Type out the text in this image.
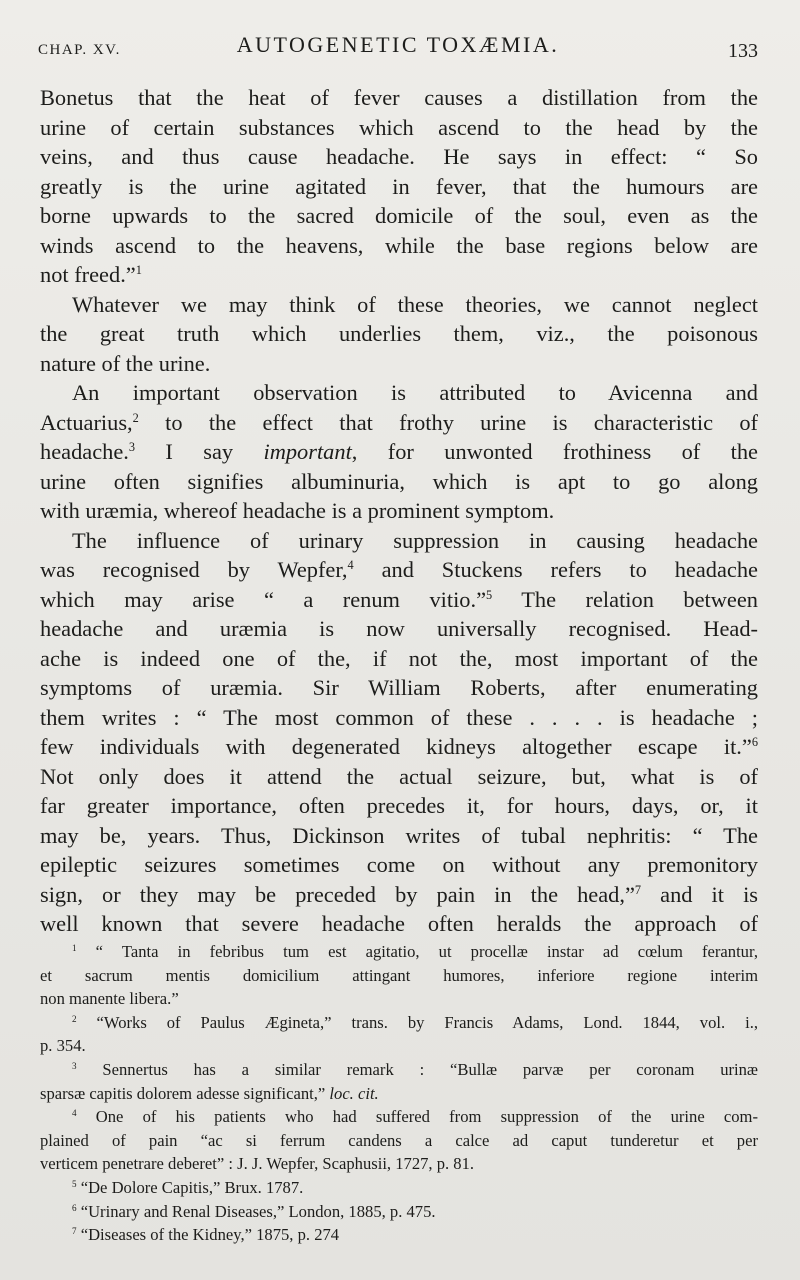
CHAP. XV.	AUTOGENETIC TOXÆMIA.	133
Bonetus that the heat of fever causes a distillation from the
urine of certain substances which ascend to the head by the
veins, and thus cause headache. He says in effect: “ So
greatly is the urine agitated in fever, that the humours are
borne upwards to the sacred domicile of the soul, even as the
winds ascend to the heavens, while the base regions below are
not freed.”$^1$
Whatever we may think of these theories, we cannot neglect
the great truth which underlies them, viz., the poisonous
nature of the urine.
An important observation is attributed to Avicenna and
Actuarius,$^2$ to the effect that frothy urine is characteristic of
headache.$^3$ I say important, for unwonted frothiness of the
urine often signifies albuminuria, which is apt to go along
with uræmia, whereof headache is a prominent symptom.
The influence of urinary suppression in causing headache
was recognised by Wepfer,$^4$ and Stuckens refers to headache
which may arise “ a renum vitio.”$^5$ The relation between
headache and uræmia is now universally recognised. Head-
ache is indeed one of the, if not the, most important of the
symptoms of uræmia. Sir William Roberts, after enumerating
them writes : “ The most common of these . . . . is headache ;
few individuals with degenerated kidneys altogether escape it.”$^6$
Not only does it attend the actual seizure, but, what is of
far greater importance, often precedes it, for hours, days, or, it
may be, years. Thus, Dickinson writes of tubal nephritis: “ The
epileptic seizures sometimes come on without any premonitory
sign, or they may be preceded by pain in the head,”$^7$ and it is
well known that severe headache often heralds the approach of
$^1$ “ Tanta in febribus tum est agitatio, ut procellæ instar ad cœlum ferantur,
et sacrum mentis domicilium attingant humores, inferiore regione interim
non manente libera.”
$^2$ “Works of Paulus Ægineta,” trans. by Francis Adams, Lond. 1844, vol. i.,
p. 354.
$^3$ Sennertus has a similar remark : “Bullæ parvæ per coronam urinæ
sparsæ capitis dolorem adesse significant,” loc. cit.
$^4$ One of his patients who had suffered from suppression of the urine com-
plained of pain “ac si ferrum candens a calce ad caput tunderetur et per
verticem penetrare deberet” : J. J. Wepfer, Scaphusii, 1727, p. 81.
$^5$ “De Dolore Capitis,” Brux. 1787.
$^6$ “Urinary and Renal Diseases,” London, 1885, p. 475.
$^7$ “Diseases of the Kidney,” 1875, p. 274
